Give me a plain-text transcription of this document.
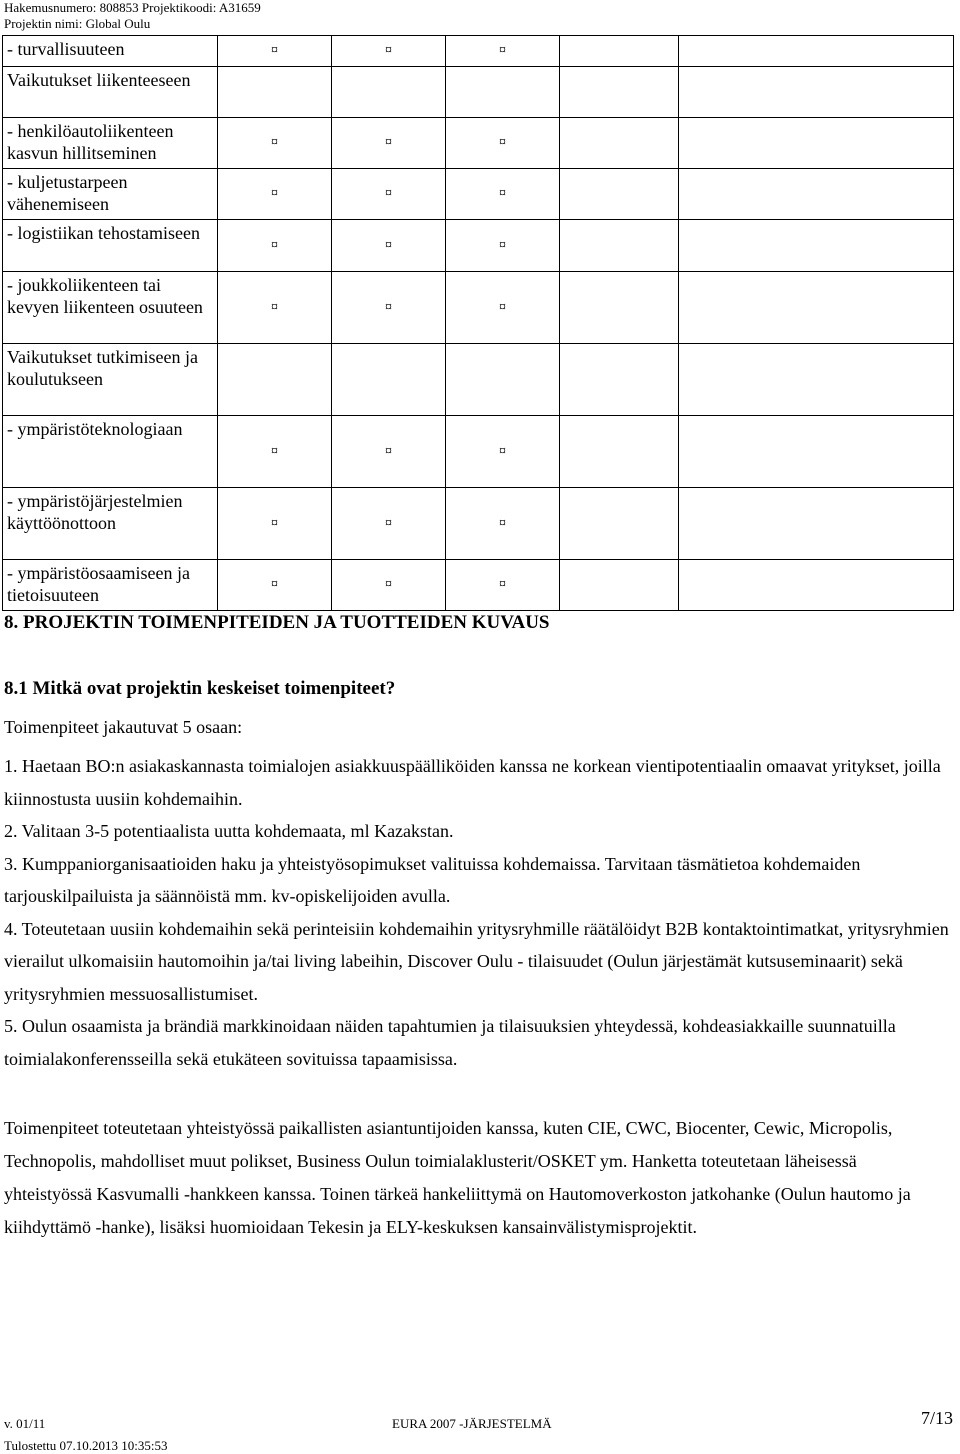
Hakemusnumero: 808853 Projektikoodi: A31659
Projektin nimi: Global Oulu
- turvallisuuteen	¤	¤	¤		
Vaikutukset liikenteeseen					
- henkilöautoliikenteen kasvun hillitseminen	¤	¤	¤		
- kuljetustarpeen vähenemiseen	¤	¤	¤		
- logistiikan tehostamiseen	¤	¤	¤		
- joukkoliikenteen tai kevyen liikenteen osuuteen	¤	¤	¤		
Vaikutukset tutkimiseen ja koulutukseen					
- ympäristöteknologiaan	¤	¤	¤		
- ympäristöjärjestelmien käyttöönottoon	¤	¤	¤		
- ympäristöosaamiseen ja tietoisuuteen	¤	¤	¤		
8. PROJEKTIN TOIMENPITEIDEN JA TUOTTEIDEN KUVAUS
8.1 Mitkä ovat projektin keskeiset toimenpiteet?
Toimenpiteet jakautuvat 5 osaan:
1. Haetaan BO:n asiakaskannasta toimialojen asiakkuuspäälliköiden kanssa ne korkean vientipotentiaalin omaavat yritykset, joilla kiinnostusta uusiin kohdemaihin.
2. Valitaan 3-5 potentiaalista uutta kohdemaata, ml Kazakstan.
3. Kumppaniorganisaatioiden haku ja yhteistyösopimukset valituissa kohdemaissa. Tarvitaan täsmätietoa kohdemaiden tarjouskilpailuista ja säännöistä mm. kv-opiskelijoiden avulla.
4. Toteutetaan uusiin kohdemaihin sekä perinteisiin kohdemaihin yritysryhmille räätälöidyt B2B kontaktointimatkat, yritysryhmien vierailut ulkomaisiin hautomoihin ja/tai living labeihin, Discover Oulu - tilaisuudet (Oulun järjestämät kutsuseminaarit) sekä yritysryhmien messuosallistumiset.
5. Oulun osaamista ja brändiä markkinoidaan näiden tapahtumien ja tilaisuuksien yhteydessä, kohdeasiakkaille suunnatuilla toimialakonferensseilla sekä etukäteen sovituissa tapaamisissa.
Toimenpiteet toteutetaan yhteistyössä paikallisten asiantuntijoiden kanssa, kuten CIE, CWC, Biocenter, Cewic, Micropolis, Technopolis, mahdolliset muut polikset, Business Oulun toimialaklusterit/OSKET ym. Hanketta toteutetaan läheisessä yhteistyössä Kasvumalli -hankkeen kanssa. Toinen tärkeä hankeliittymä on Hautomoverkoston jatkohanke (Oulun hautomo ja kiihdyttämö -hanke), lisäksi huomioidaan Tekesin ja ELY-keskuksen kansainvälistymisprojektit.
v. 01/11	EURA 2007 -JÄRJESTELMÄ	7/13
Tulostettu 07.10.2013 10:35:53
